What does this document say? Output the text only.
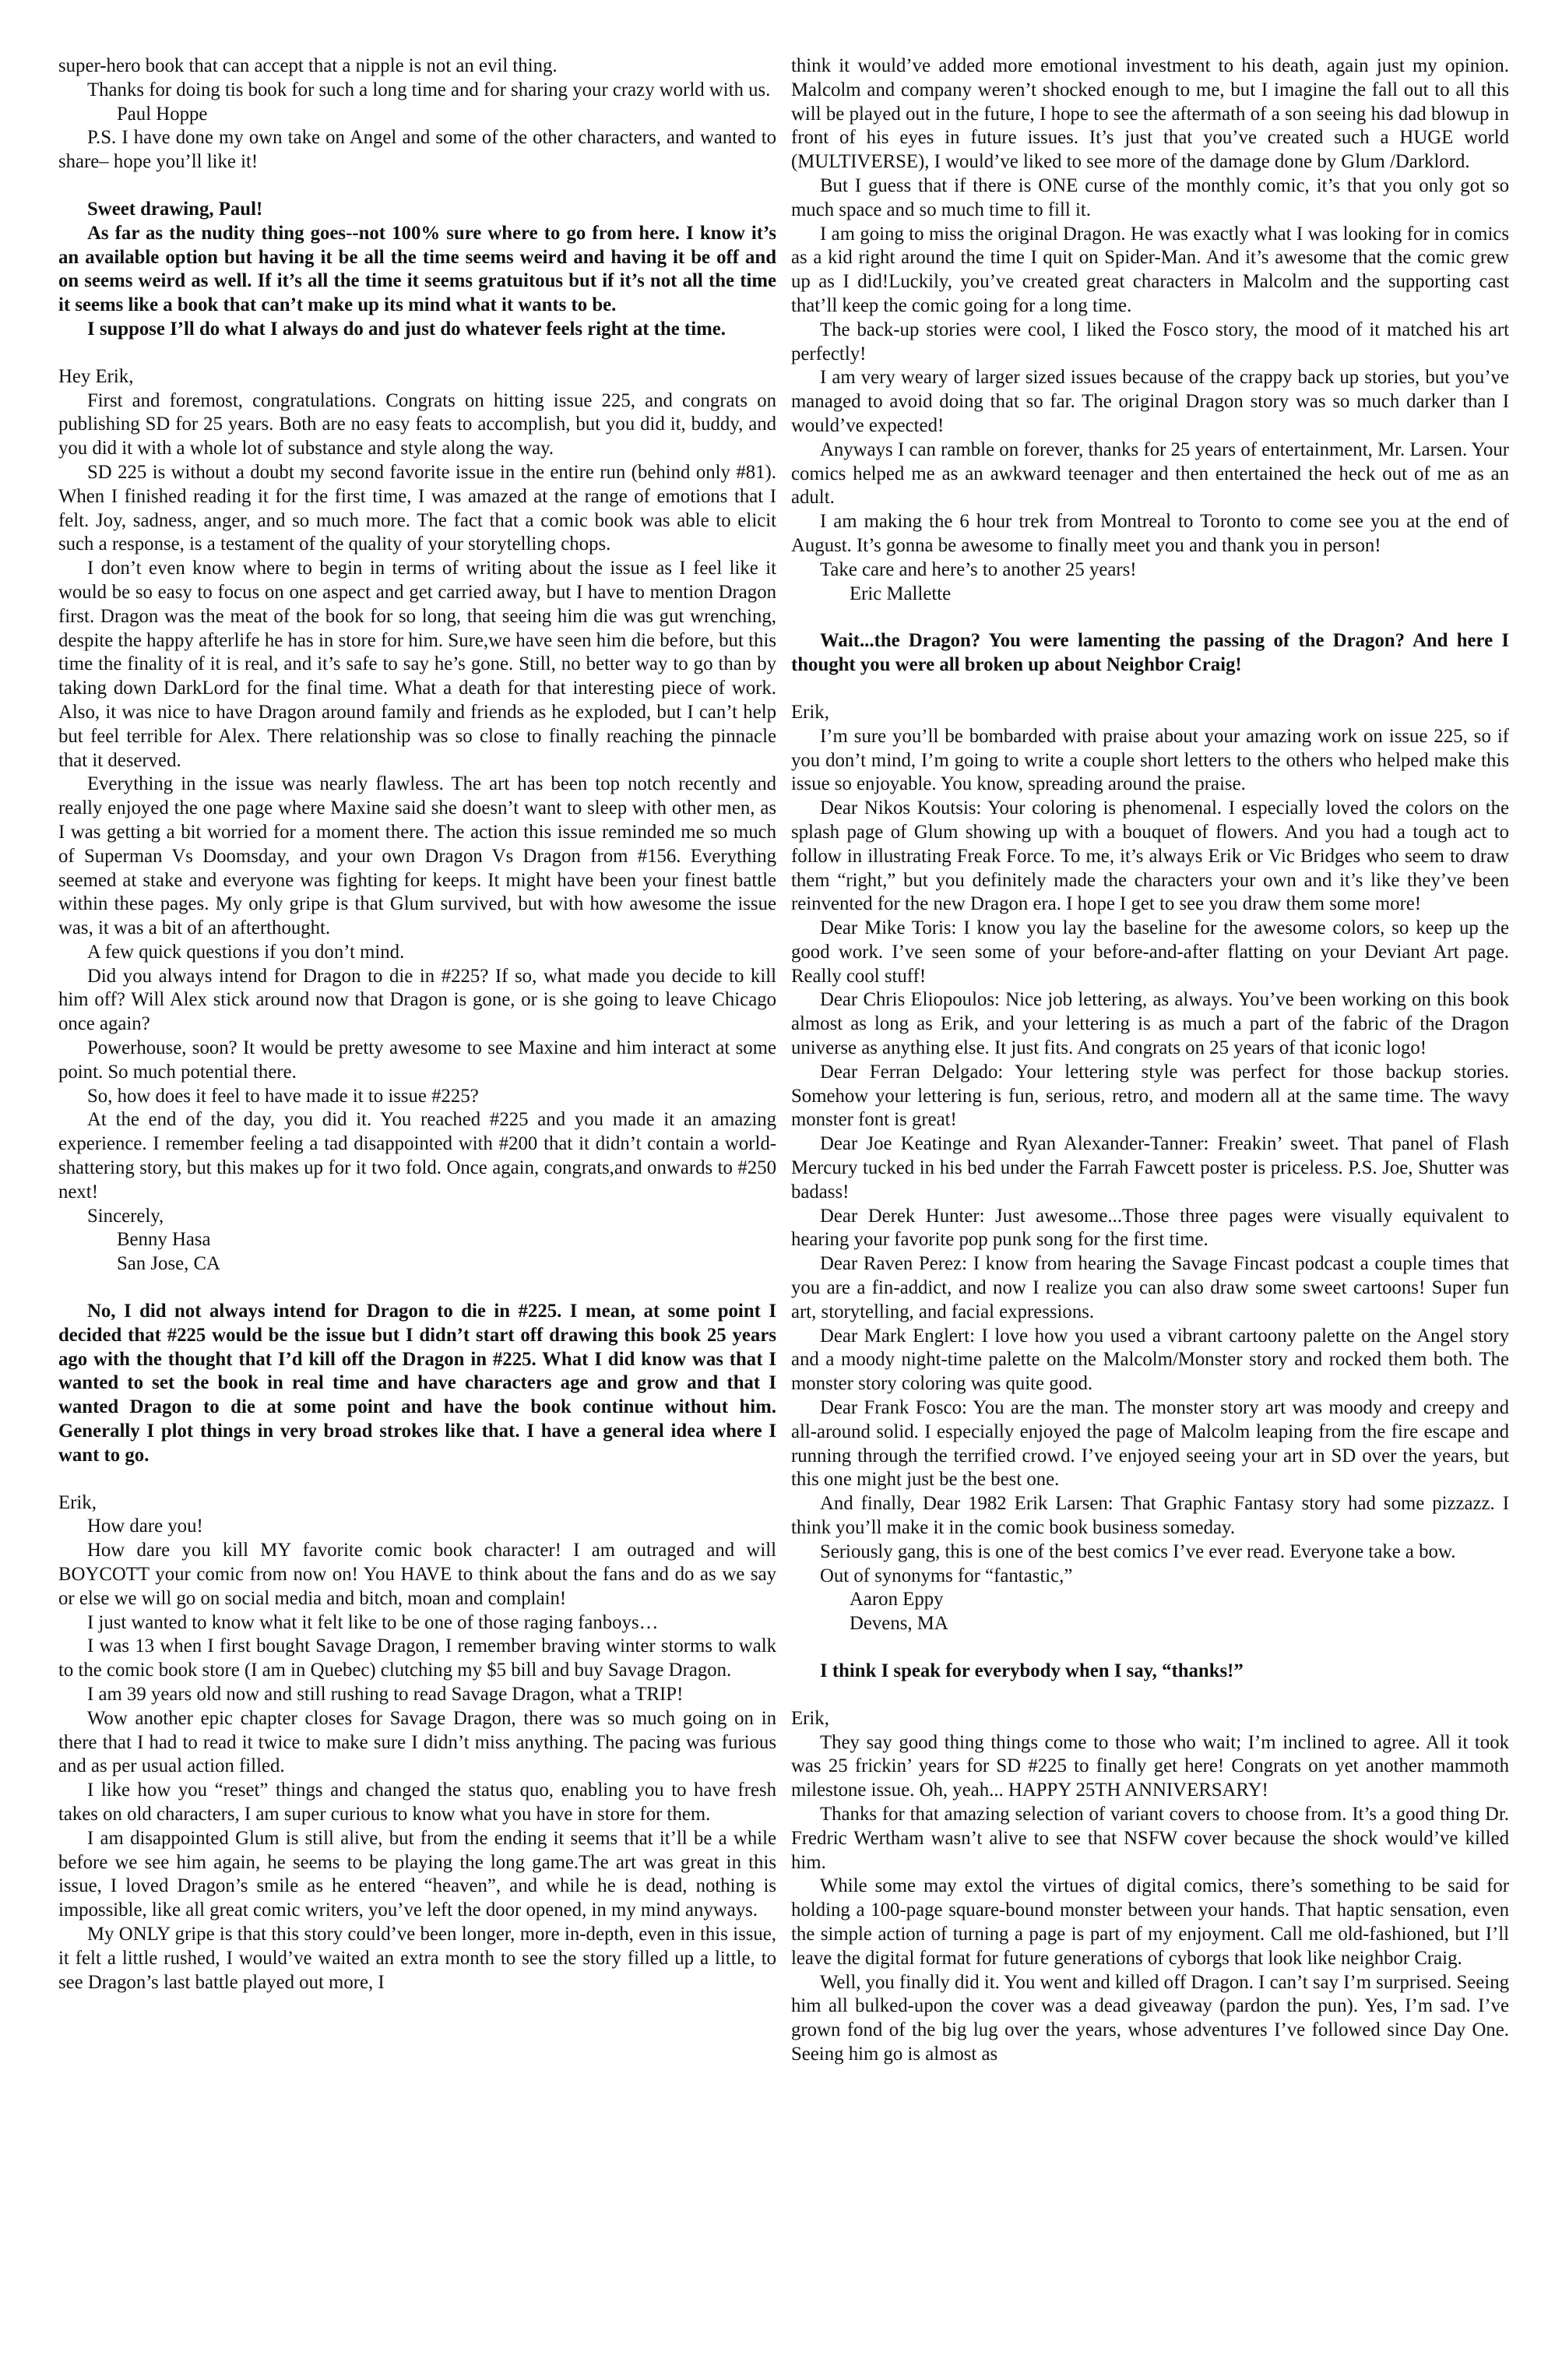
super-hero book that can accept that a nipple is not an evil thing.

Thanks for doing tis book for such a long time and for sharing your crazy world with us.

Paul Hoppe

P.S. I have done my own take on Angel and some of the other characters, and wanted to share– hope you’ll like it!

Sweet drawing, Paul!

As far as the nudity thing goes--not 100% sure where to go from here. I know it’s an available option but having it be all the time seems weird and having it be off and on seems weird as well. If it’s all the time it seems gratuitous but if it’s not all the time it seems like a book that can’t make up its mind what it wants to be.

I suppose I’ll do what I always do and just do whatever feels right at the time.

Hey Erik,

First and foremost, congratulations. Congrats on hitting issue 225, and congrats on publishing SD for 25 years. Both are no easy feats to accomplish, but you did it, buddy, and you did it with a whole lot of substance and style along the way.

SD 225 is without a doubt my second favorite issue in the entire run (behind only #81). When I finished reading it for the first time, I was amazed at the range of emotions that I felt. Joy, sadness, anger, and so much more. The fact that a comic book was able to elicit such a response, is a testament of the quality of your storytelling chops.

I don’t even know where to begin in terms of writing about the issue as I feel like it would be so easy to focus on one aspect and get carried away, but I have to mention Dragon first. Dragon was the meat of the book for so long, that seeing him die was gut wrenching, despite the happy afterlife he has in store for him. Sure,we have seen him die before, but this time the finality of it is real, and it’s safe to say he’s gone. Still, no better way to go than by taking down DarkLord for the final time. What a death for that interesting piece of work. Also, it was nice to have Dragon around family and friends as he exploded, but I can’t help but feel terrible for Alex. There relationship was so close to finally reaching the pinnacle that it deserved.

Everything in the issue was nearly flawless. The art has been top notch recently and really enjoyed the one page where Maxine said she doesn’t want to sleep with other men, as I was getting a bit worried for a moment there. The action this issue reminded me so much of Superman Vs Doomsday, and your own Dragon Vs Dragon from #156. Everything seemed at stake and everyone was fighting for keeps. It might have been your finest battle within these pages. My only gripe is that Glum survived, but with how awesome the issue was, it was a bit of an afterthought.

A few quick questions if you don’t mind.

Did you always intend for Dragon to die in #225? If so, what made you decide to kill him off? Will Alex stick around now that Dragon is gone, or is she going to leave Chicago once again?

Powerhouse, soon? It would be pretty awesome to see Maxine and him interact at some point. So much potential there.

So, how does it feel to have made it to issue #225?

At the end of the day, you did it. You reached #225 and you made it an amazing experience. I remember feeling a tad disappointed with #200 that it didn’t contain a world-shattering story, but this makes up for it two fold. Once again, congrats,and onwards to #250 next!

Sincerely,

Benny Hasa

San Jose, CA

No, I did not always intend for Dragon to die in #225. I mean, at some point I decided that #225 would be the issue but I didn’t start off drawing this book 25 years ago with the thought that I’d kill off the Dragon in #225. What I did know was that I wanted to set the book in real time and have characters age and grow and that I wanted Dragon to die at some point and have the book continue without him. Generally I plot things in very broad strokes like that. I have a general idea where I want to go.

Erik,

How dare you!

How dare you kill MY favorite comic book character! I am outraged and will BOYCOTT your comic from now on! You HAVE to think about the fans and do as we say or else we will go on social media and bitch, moan and complain!

I just wanted to know what it felt like to be one of those raging fanboys…

I was 13 when I first bought Savage Dragon, I remember braving winter storms to walk to the comic book store (I am in Quebec) clutching my $5 bill and buy Savage Dragon.

I am 39 years old now and still rushing to read Savage Dragon, what a TRIP!

Wow another epic chapter closes for Savage Dragon, there was so much going on in there that I had to read it twice to make sure I didn’t miss anything. The pacing was furious and as per usual action filled.

I like how you “reset” things and changed the status quo, enabling you to have fresh takes on old characters, I am super curious to know what you have in store for them.

I am disappointed Glum is still alive, but from the ending it seems that it’ll be a while before we see him again, he seems to be playing the long game.The art was great in this issue, I loved Dragon’s smile as he entered “heaven”, and while he is dead, nothing is impossible, like all great comic writers, you’ve left the door opened, in my mind anyways.

My ONLY gripe is that this story could’ve been longer, more in-depth, even in this issue, it felt a little rushed, I would’ve waited an extra month to see the story filled up a little, to see Dragon’s last battle played out more, I

think it would’ve added more emotional investment to his death, again just my opinion. Malcolm and company weren’t shocked enough to me, but I imagine the fall out to all this will be played out in the future, I hope to see the aftermath of a son seeing his dad blowup in front of his eyes in future issues. It’s just that you’ve created such a HUGE world (MULTIVERSE), I would’ve liked to see more of the damage done by Glum /Darklord.

But I guess that if there is ONE curse of the monthly comic, it’s that you only got so much space and so much time to fill it.

I am going to miss the original Dragon. He was exactly what I was looking for in comics as a kid right around the time I quit on Spider-Man. And it’s awesome that the comic grew up as I did!Luckily, you’ve created great characters in Malcolm and the supporting cast that’ll keep the comic going for a long time.

The back-up stories were cool, I liked the Fosco story, the mood of it matched his art perfectly!

I am very weary of larger sized issues because of the crappy back up stories, but you’ve managed to avoid doing that so far. The original Dragon story was so much darker than I would’ve expected!

Anyways I can ramble on forever, thanks for 25 years of entertainment, Mr. Larsen. Your comics helped me as an awkward teenager and then entertained the heck out of me as an adult.

I am making the 6 hour trek from Montreal to Toronto to come see you at the end of August. It’s gonna be awesome to finally meet you and thank you in person!

Take care and here’s to another 25 years!

Eric Mallette

Wait...the Dragon? You were lamenting the passing of the Dragon? And here I thought you were all broken up about Neighbor Craig!

Erik,

I’m sure you’ll be bombarded with praise about your amazing work on issue 225, so if you don’t mind, I’m going to write a couple short letters to the others who helped make this issue so enjoyable. You know, spreading around the praise.

Dear Nikos Koutsis: Your coloring is phenomenal. I especially loved the colors on the splash page of Glum showing up with a bouquet of flowers. And you had a tough act to follow in illustrating Freak Force. To me, it’s always Erik or Vic Bridges who seem to draw them “right,” but you definitely made the characters your own and it’s like they’ve been reinvented for the new Dragon era. I hope I get to see you draw them some more!

Dear Mike Toris: I know you lay the baseline for the awesome colors, so keep up the good work. I’ve seen some of your before-and-after flatting on your Deviant Art page. Really cool stuff!

Dear Chris Eliopoulos: Nice job lettering, as always. You’ve been working on this book almost as long as Erik, and your lettering is as much a part of the fabric of the Dragon universe as anything else. It just fits. And congrats on 25 years of that iconic logo!

Dear Ferran Delgado: Your lettering style was perfect for those backup stories. Somehow your lettering is fun, serious, retro, and modern all at the same time. The wavy monster font is great!

Dear Joe Keatinge and Ryan Alexander-Tanner: Freakin’ sweet. That panel of Flash Mercury tucked in his bed under the Farrah Fawcett poster is priceless. P.S. Joe, Shutter was badass!

Dear Derek Hunter: Just awesome...Those three pages were visually equivalent to hearing your favorite pop punk song for the first time.

Dear Raven Perez: I know from hearing the Savage Fincast podcast a couple times that you are a fin-addict, and now I realize you can also draw some sweet cartoons! Super fun art, storytelling, and facial expressions.

Dear Mark Englert: I love how you used a vibrant cartoony palette on the Angel story and a moody night-time palette on the Malcolm/Monster story and rocked them both. The monster story coloring was quite good.

Dear Frank Fosco: You are the man. The monster story art was moody and creepy and all-around solid. I especially enjoyed the page of Malcolm leaping from the fire escape and running through the terrified crowd. I’ve enjoyed seeing your art in SD over the years, but this one might just be the best one.

And finally, Dear 1982 Erik Larsen: That Graphic Fantasy story had some pizzazz. I think you’ll make it in the comic book business someday.

Seriously gang, this is one of the best comics I’ve ever read. Everyone take a bow.

Out of synonyms for “fantastic,”

Aaron Eppy

Devens, MA

I think I speak for everybody when I say, “thanks!”

Erik,

They say good thing things come to those who wait; I’m inclined to agree. All it took was 25 frickin’ years for SD #225 to finally get here! Congrats on yet another mammoth milestone issue. Oh, yeah... HAPPY 25TH ANNIVERSARY!

Thanks for that amazing selection of variant covers to choose from. It’s a good thing Dr. Fredric Wertham wasn’t alive to see that NSFW cover because the shock would’ve killed him.

While some may extol the virtues of digital comics, there’s something to be said for holding a 100-page square-bound monster between your hands. That haptic sensation, even the simple action of turning a page is part of my enjoyment. Call me old-fashioned, but I’ll leave the digital format for future generations of cyborgs that look like neighbor Craig.

Well, you finally did it. You went and killed off Dragon. I can’t say I’m surprised. Seeing him all bulked-upon the cover was a dead giveaway (pardon the pun). Yes, I’m sad. I’ve grown fond of the big lug over the years, whose adventures I’ve followed since Day One. Seeing him go is almost as
